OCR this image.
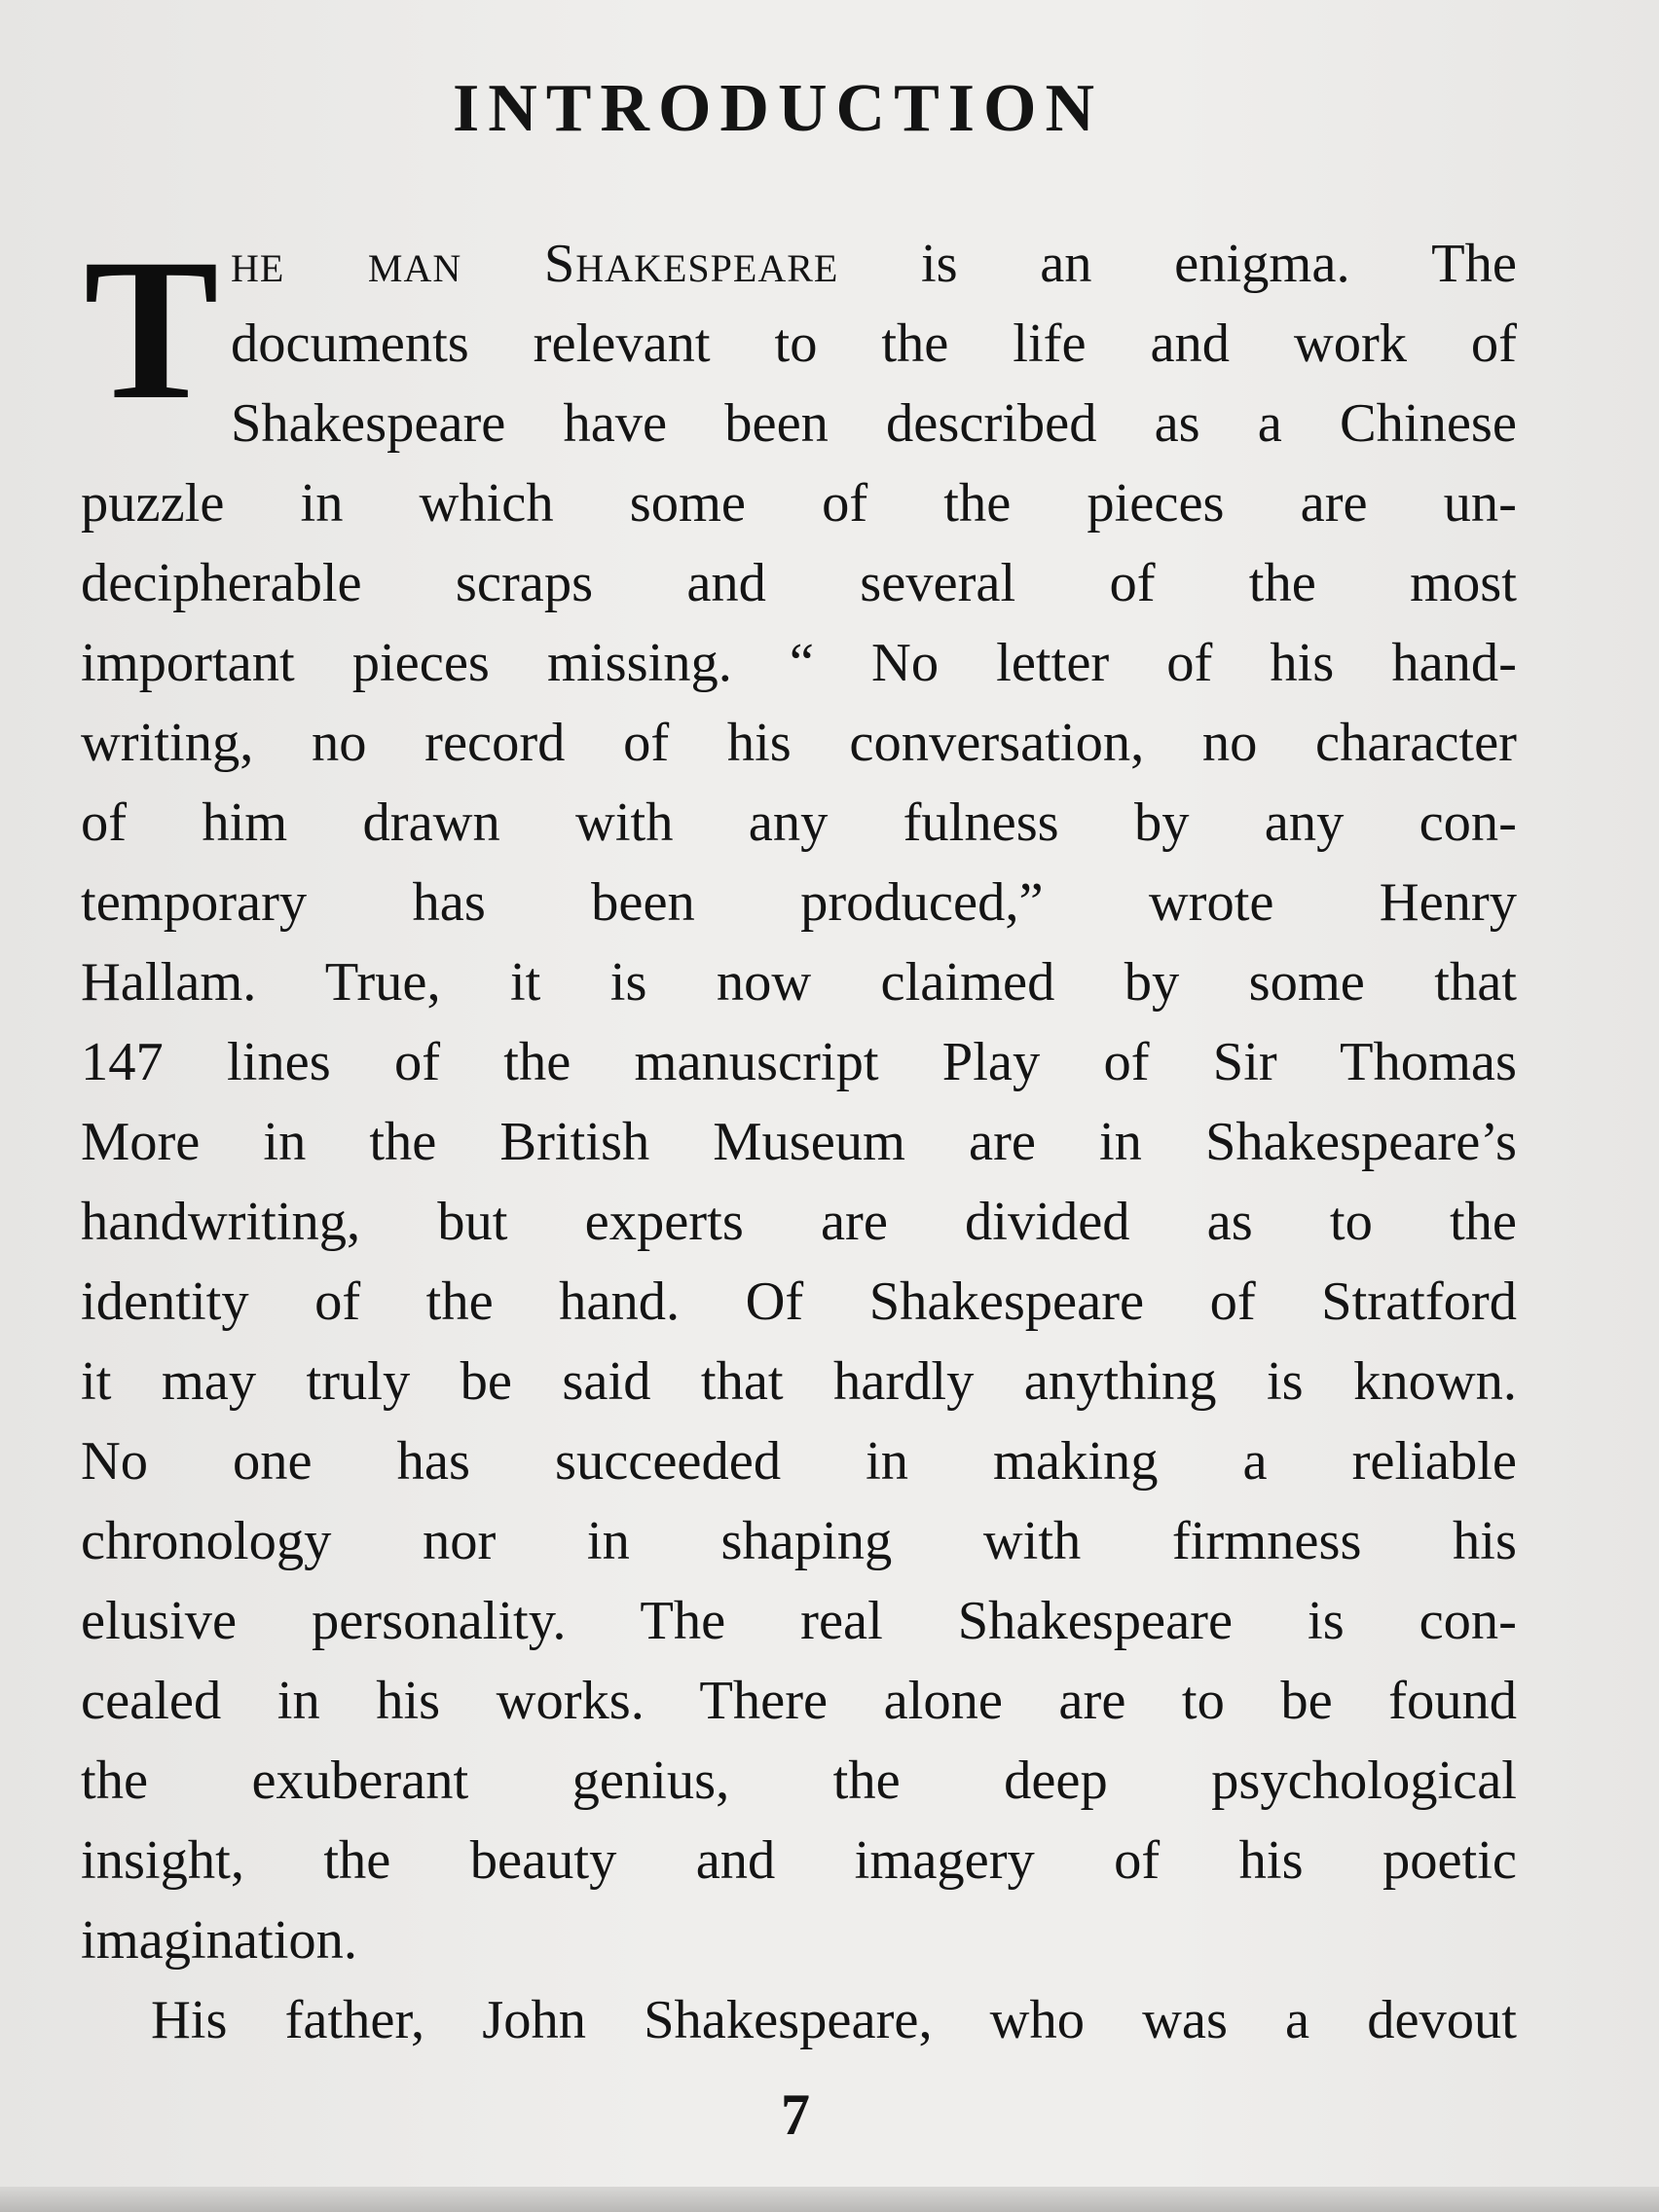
INTRODUCTION
T he man Shakespeare is an enigma. The
documents relevant to the life and work of
Shakespeare have been described as a Chinese
puzzle in which some of the pieces are un-
decipherable scraps and several of the most
important pieces missing. “ No letter of his hand-
writing, no record of his conversation, no character
of him drawn with any fulness by any con-
temporary has been produced,” wrote Henry
Hallam. True, it is now claimed by some that
147 lines of the manuscript Play of Sir Thomas
More in the British Museum are in Shakespeare’s
handwriting, but experts are divided as to the
identity of the hand. Of Shakespeare of Stratford
it may truly be said that hardly anything is known.
No one has succeeded in making a reliable
chronology nor in shaping with firmness his
elusive personality. The real Shakespeare is con-
cealed in his works. There alone are to be found
the exuberant genius, the deep psychological
insight, the beauty and imagery of his poetic
imagination.
His father, John Shakespeare, who was a devout
7
